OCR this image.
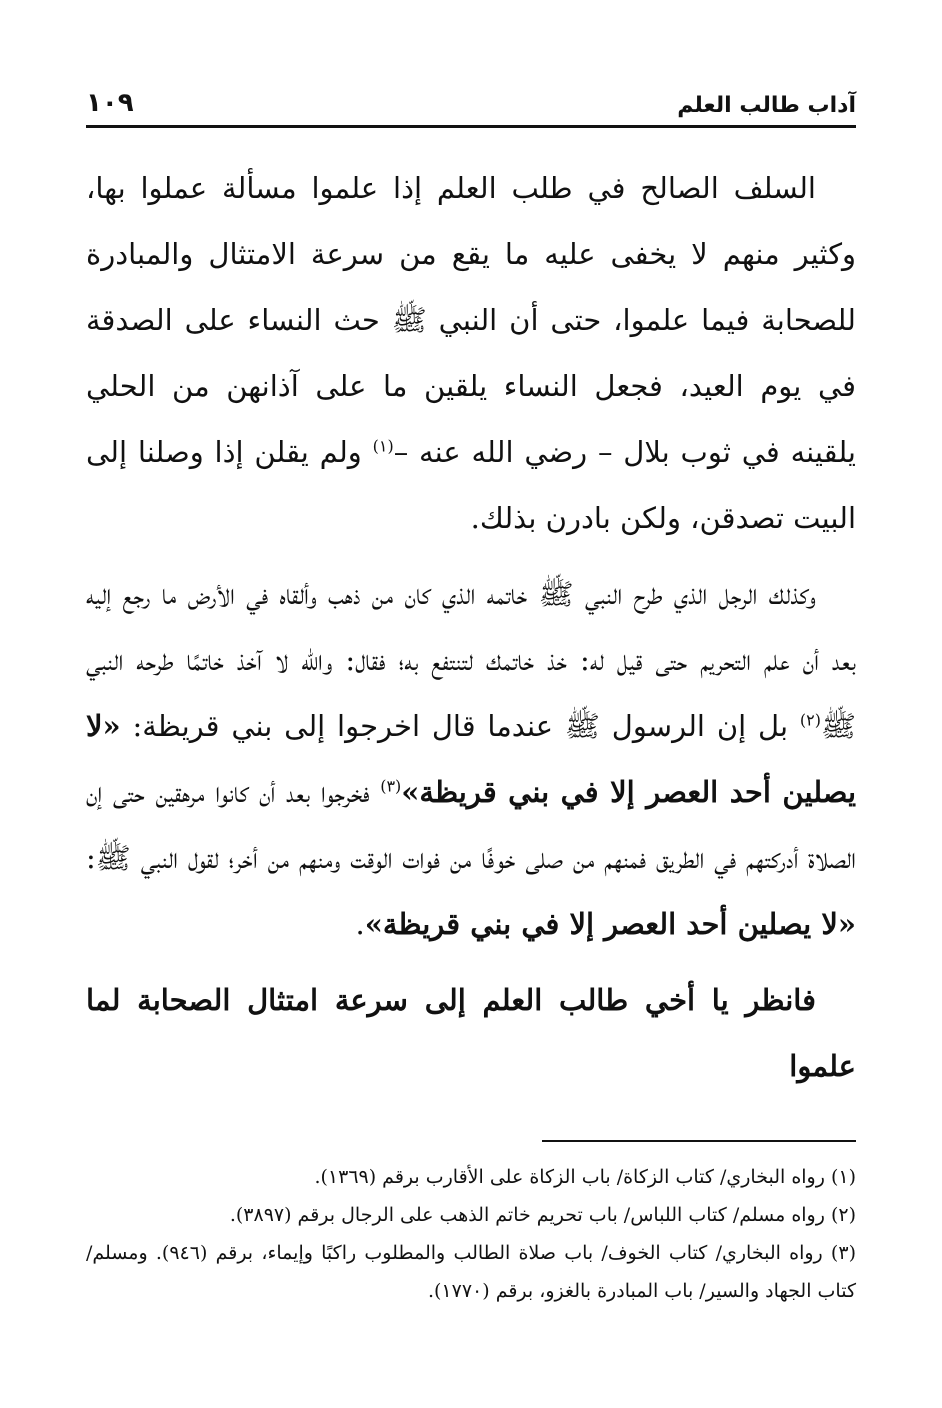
آداب طالب العلم
١٠٩

السلف الصالح في طلب العلم إذا علموا مسألة عملوا بها، وكثير منهم لا يخفى عليه ما يقع من سرعة الامتثال والمبادرة للصحابة فيما علموا، حتى أن النبي ﷺ حث النساء على الصدقة في يوم العيد، فجعل النساء يلقين ما على آذانهن من الحلي يلقينه في ثوب بلال – رضي الله عنه –$^{(١)}$ ولم يقلن إذا وصلنا إلى البيت تصدقن، ولكن بادرن بذلك.

وكذلك الرجل الذي طرح النبي ﷺ خاتمه الذي كان من ذهب وألقاه في الأرض ما رجع إليه بعد أن علم التحريم حتى قيل له: خذ خاتمك لتنتفع به؛ فقال: والله لا آخذ خاتمًا طرحه النبي ﷺ$^{(٢)}$ بل إن الرسول ﷺ عندما قال اخرجوا إلى بني قريظة: «لا يصلين أحد العصر إلا في بني قريظة»$^{(٣)}$ فخرجوا بعد أن كانوا مرهقين حتى إن الصلاة أدركتهم في الطريق فمنهم من صلى خوفًا من فوات الوقت ومنهم من أخر؛ لقول النبي ﷺ: «لا يصلين أحد العصر إلا في بني قريظة».

فانظر يا أخي طالب العلم إلى سرعة امتثال الصحابة لما علموا

(١) رواه البخاري/ كتاب الزكاة/ باب الزكاة على الأقارب برقم (١٣٦٩).

(٢) رواه مسلم/ كتاب اللباس/ باب تحريم خاتم الذهب على الرجال برقم (٣٨٩٧).

(٣) رواه البخاري/ كتاب الخوف/ باب صلاة الطالب والمطلوب راكبًا وإيماء، برقم (٩٤٦). ومسلم/ كتاب الجهاد والسير/ باب المبادرة بالغزو، برقم (١٧٧٠).
